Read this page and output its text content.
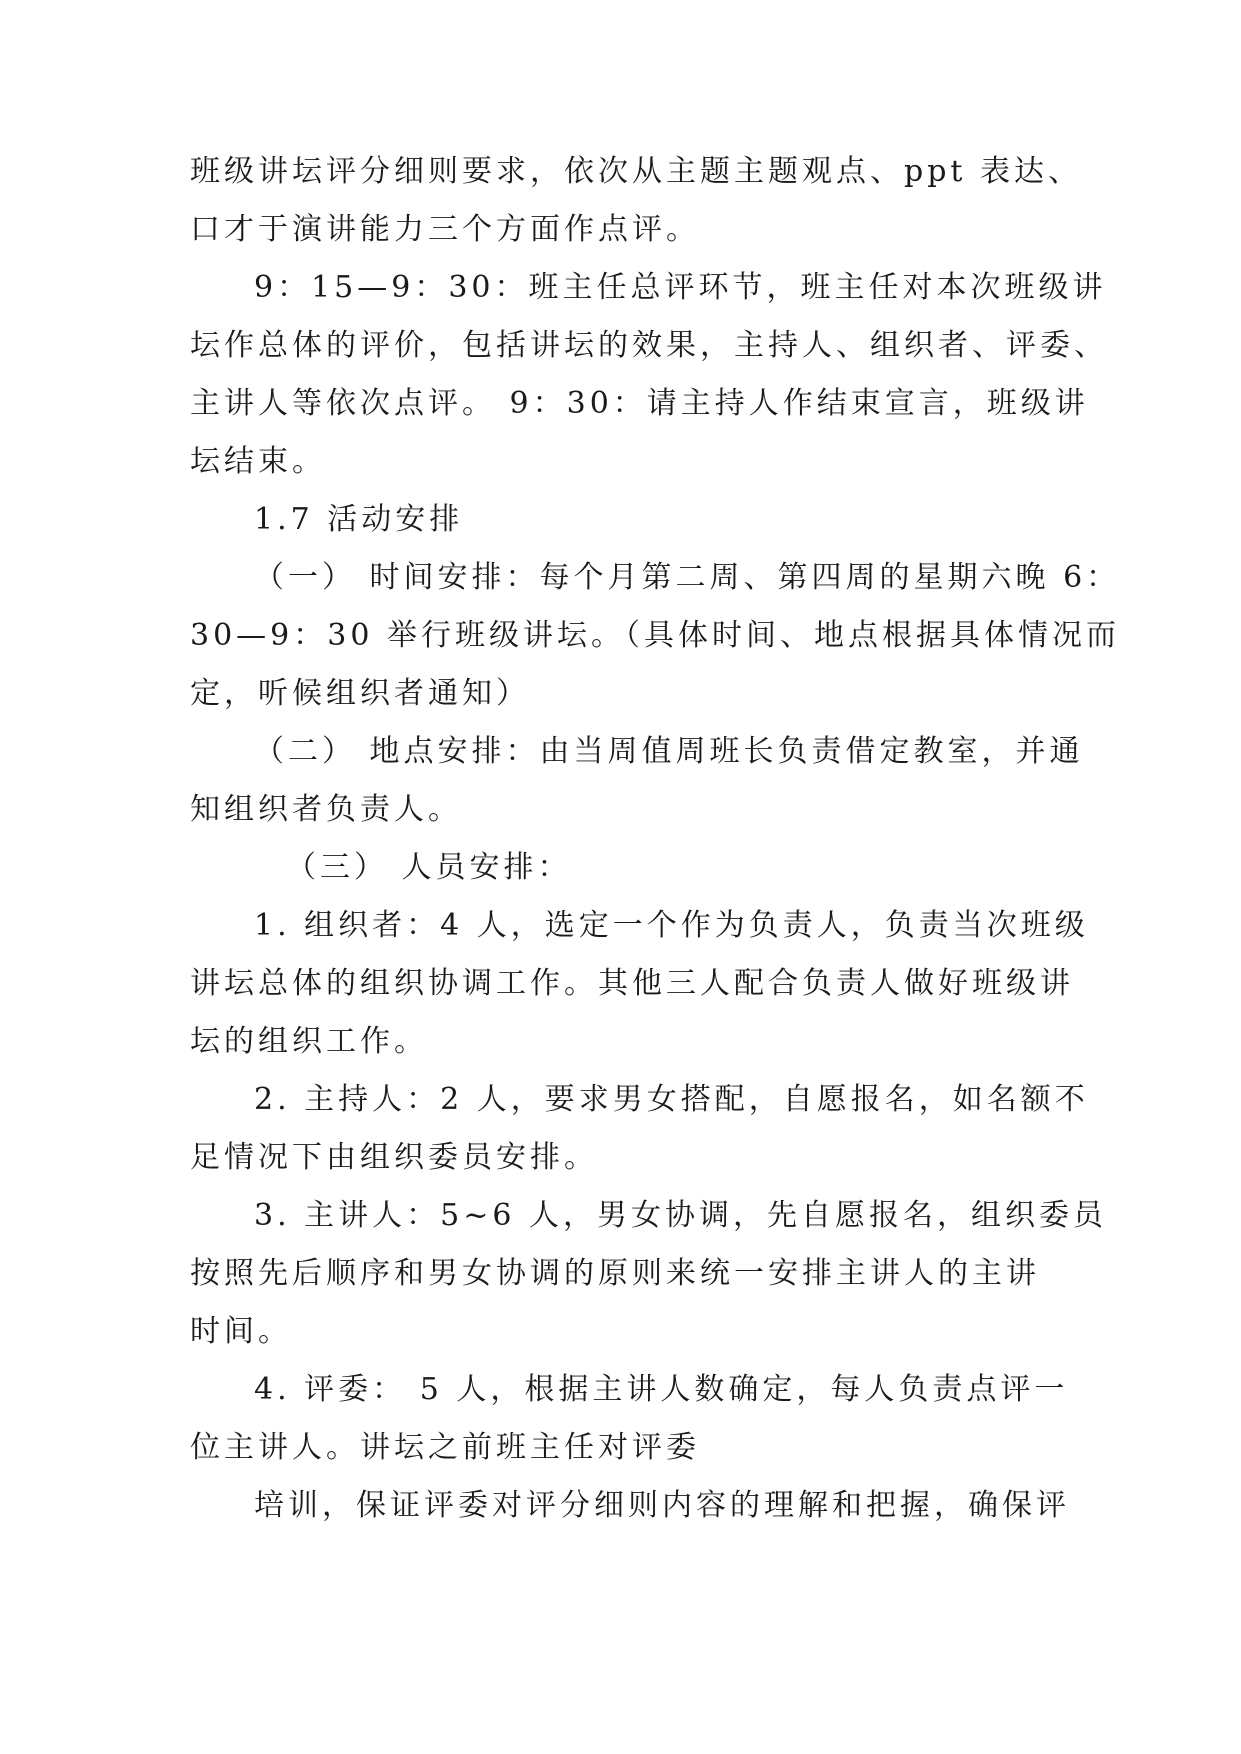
班级讲坛评分细则要求，依次从主题主题观点、ppt 表达、
口才于演讲能力三个方面作点评。
9：15—9：30：班主任总评环节，班主任对本次班级讲
坛作总体的评价，包括讲坛的效果，主持人、组织者、评委、
主讲人等依次点评。 9：30：请主持人作结束宣言，班级讲
坛结束。
1.7 活动安排
（一） 时间安排：每个月第二周、第四周的星期六晚 6：
30—9：30 举行班级讲坛。（具体时间、地点根据具体情况而
定，听候组织者通知）
（二） 地点安排：由当周值周班长负责借定教室，并通
知组织者负责人。
（三） 人员安排：
1. 组织者：4 人，选定一个作为负责人，负责当次班级
讲坛总体的组织协调工作。其他三人配合负责人做好班级讲
坛的组织工作。
2. 主持人：2 人，要求男女搭配，自愿报名，如名额不
足情况下由组织委员安排。
3. 主讲人：5~6 人，男女协调，先自愿报名，组织委员
按照先后顺序和男女协调的原则来统一安排主讲人的主讲
时间。
4. 评委： 5 人，根据主讲人数确定，每人负责点评一
位主讲人。讲坛之前班主任对评委
培训，保证评委对评分细则内容的理解和把握，确保评
